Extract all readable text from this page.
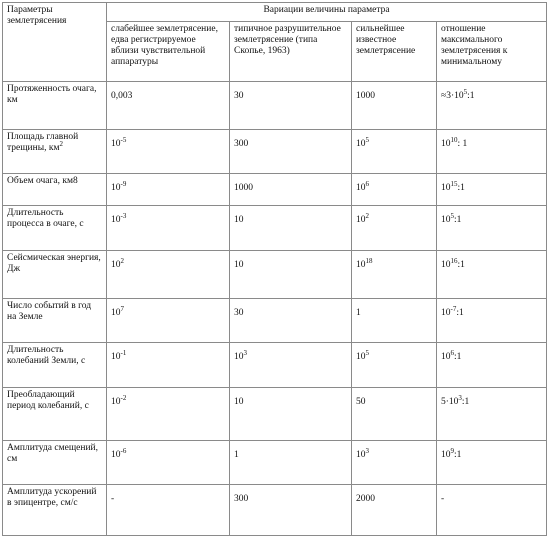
Параметры землетрясения	Вариации величины параметра			
	слабейшее землетрясение, едва регистрируемое вблизи чувствительной аппаратуры	типичное разрушительное землетрясение (типа Скопье, 1963)	сильнейшее известное землетрясение	отношение максимального землетрясения к минимальному
Протяженность очага, км	0,003	30	1000	$\approx 3\cdot 10^5:1$
Площадь главной трещины, $км^2$	$10^{-5}$	300	$10^5$	$10^{10}$: 1
Объем очага, км8	$10^{-9}$	1000	$10^6$	$10^{15}:1$
Длительность процесса в очаге, с	$10^{-3}$	10	$10^2$	$10^5:1$
Сейсмическая энергия, Дж	$10^2$	10	$10^{18}$	$10^{16}:1$
Число событий в год на Земле	$10^7$	30	1	$10^{-7}:1$
Длительность колебаний Земли, с	$10^{-1}$	$10^3$	$10^5$	$10^6:1$
Преобладающий период колебаний, с	$10^{-2}$	10	50	$5\cdot 10^3:1$
Амплитуда смещений, см	$10^{-6}$	1	$10^3$	$10^9:1$
Амплитуда ускорений в эпицентре, см/с	-	300	2000	-
